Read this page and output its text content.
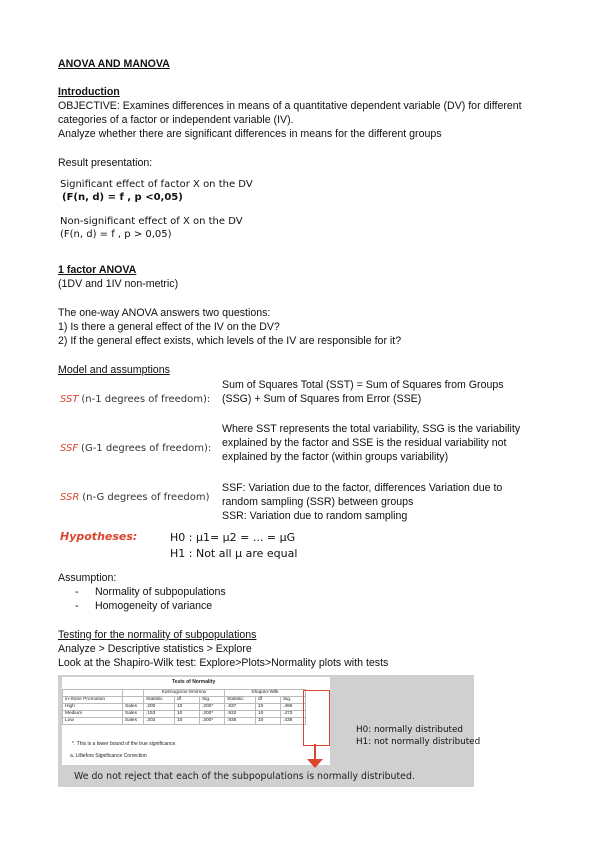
ANOVA AND MANOVA
Introduction
OBJECTIVE: Examines differences in means of a quantitative dependent variable (DV) for different
categories of a factor or independent variable (IV).
Analyze whether there are significant differences in means for the different groups
Result presentation:
Significant effect of factor X on the DV
(F(n, d) = f , p <0,05)
Non-significant effect of X on the DV
(F(n, d) = f , p > 0,05)
1 factor ANOVA
(1DV and 1IV non-metric)
The one-way ANOVA answers two questions:
1) Is there a general effect of the IV on the DV?
2) If the general effect exists, which levels of the IV are responsible for it?
Model and assumptions
SST (n-1 degrees of freedom):
Sum of Squares Total (SST) = Sum of Squares from Groups
(SSG) + Sum of Squares from Error (SSE)
SSF (G-1 degrees of freedom):
Where SST represents the total variability, SSG is the variability
explained by the factor and SSE is the residual variability not
explained by the factor (within groups variability)
SSR (n-G degrees of freedom)
SSF: Variation due to the factor, differences Variation due to
random sampling (SSR) between groups
SSR: Variation due to random sampling
Hypotheses:	H0 : μ1= μ2 = ... = μG
H1 : Not all μ are equal
Assumption:
- Normality of subpopulations
- Homogeneity of variance
Testing for the normality of subpopulations
Analyze > Descriptive statistics > Explore
Look at the Shapiro-Wilk test: Explore>Plots>Normality plots with tests
Tests of Normality
		Kolmogorov-Smirnov			Shapiro-Wilk		
in-Store Promotion		Statistic	df	Sig.	Statistic	df	Sig.
High	Sales	.200	10	.200*	.937	10	.496
Medium	Sales	.153	10	.200*	.932	10	.473
Low	Sales	.202	10	.200*	.935	10	.438
*. This is a lower bound of the true significance.
a. Lilliefors Significance Correction
H0: normally distributed
H1: not normally distributed
We do not reject that each of the subpopulations is normally distributed.
